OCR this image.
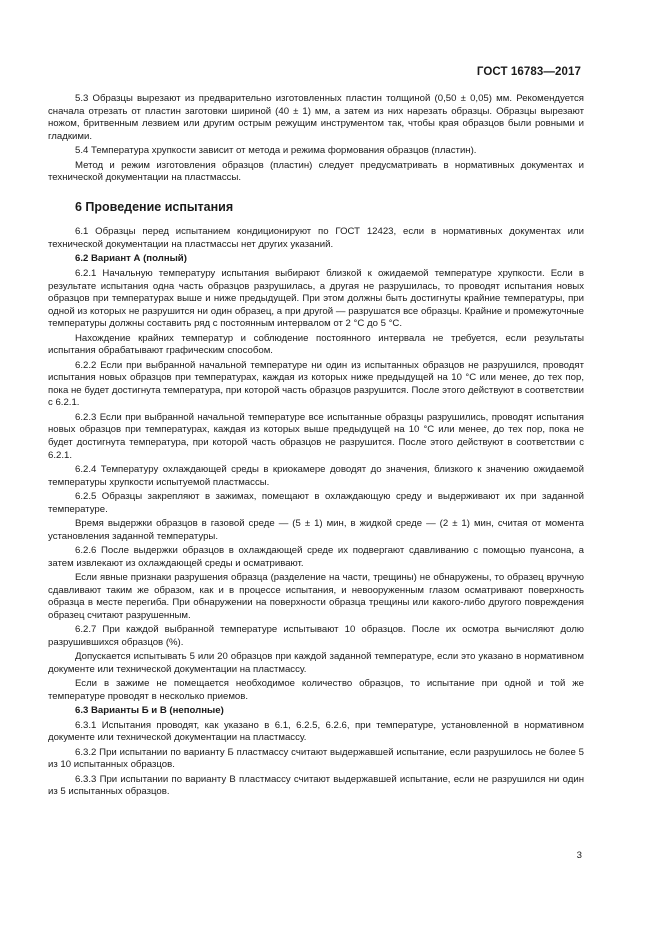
ГОСТ 16783—2017
5.3 Образцы вырезают из предварительно изготовленных пластин толщиной (0,50 ± 0,05) мм. Рекомендуется сначала отрезать от пластин заготовки шириной (40 ± 1) мм, а затем из них нарезать образцы. Образцы вырезают ножом, бритвенным лезвием или другим острым режущим инструментом так, чтобы края образцов были ровными и гладкими.
5.4 Температура хрупкости зависит от метода и режима формования образцов (пластин).
Метод и режим изготовления образцов (пластин) следует предусматривать в нормативных документах и технической документации на пластмассы.
6 Проведение испытания
6.1 Образцы перед испытанием кондиционируют по ГОСТ 12423, если в нормативных документах или технической документации на пластмассы нет других указаний.
6.2 Вариант А (полный)
6.2.1 Начальную температуру испытания выбирают близкой к ожидаемой температуре хрупкости. Если в результате испытания одна часть образцов разрушилась, а другая не разрушилась, то проводят испытания новых образцов при температурах выше и ниже предыдущей. При этом должны быть достигнуты крайние температуры, при одной из которых не разрушится ни один образец, а при другой — разрушатся все образцы. Крайние и промежуточные температуры должны составить ряд с постоянным интервалом от 2 °С до 5 °С.
Нахождение крайних температур и соблюдение постоянного интервала не требуется, если результаты испытания обрабатывают графическим способом.
6.2.2 Если при выбранной начальной температуре ни один из испытанных образцов не разрушился, проводят испытания новых образцов при температурах, каждая из которых ниже предыдущей на 10 °С или менее, до тех пор, пока не будет достигнута температура, при которой часть образцов разрушится. После этого действуют в соответствии с 6.2.1.
6.2.3 Если при выбранной начальной температуре все испытанные образцы разрушились, проводят испытания новых образцов при температурах, каждая из которых выше предыдущей на 10 °С или менее, до тех пор, пока не будет достигнута температура, при которой часть образцов не разрушится. После этого действуют в соответствии с 6.2.1.
6.2.4 Температуру охлаждающей среды в криокамере доводят до значения, близкого к значению ожидаемой температуры хрупкости испытуемой пластмассы.
6.2.5 Образцы закрепляют в зажимах, помещают в охлаждающую среду и выдерживают их при заданной температуре.
Время выдержки образцов в газовой среде — (5 ± 1) мин, в жидкой среде — (2 ± 1) мин, считая от момента установления заданной температуры.
6.2.6 После выдержки образцов в охлаждающей среде их подвергают сдавливанию с помощью пуансона, а затем извлекают из охлаждающей среды и осматривают.
Если явные признаки разрушения образца (разделение на части, трещины) не обнаружены, то образец вручную сдавливают таким же образом, как и в процессе испытания, и невооруженным глазом осматривают поверхность образца в месте перегиба. При обнаружении на поверхности образца трещины или какого-либо другого повреждения образец считают разрушенным.
6.2.7 При каждой выбранной температуре испытывают 10 образцов. После их осмотра вычисляют долю разрушившихся образцов (%).
Допускается испытывать 5 или 20 образцов при каждой заданной температуре, если это указано в нормативном документе или технической документации на пластмассу.
Если в зажиме не помещается необходимое количество образцов, то испытание при одной и той же температуре проводят в несколько приемов.
6.3 Варианты Б и В (неполные)
6.3.1 Испытания проводят, как указано в 6.1, 6.2.5, 6.2.6, при температуре, установленной в нормативном документе или технической документации на пластмассу.
6.3.2 При испытании по варианту Б пластмассу считают выдержавшей испытание, если разрушилось не более 5 из 10 испытанных образцов.
6.3.3 При испытании по варианту В пластмассу считают выдержавшей испытание, если не разрушился ни один из 5 испытанных образцов.
3
